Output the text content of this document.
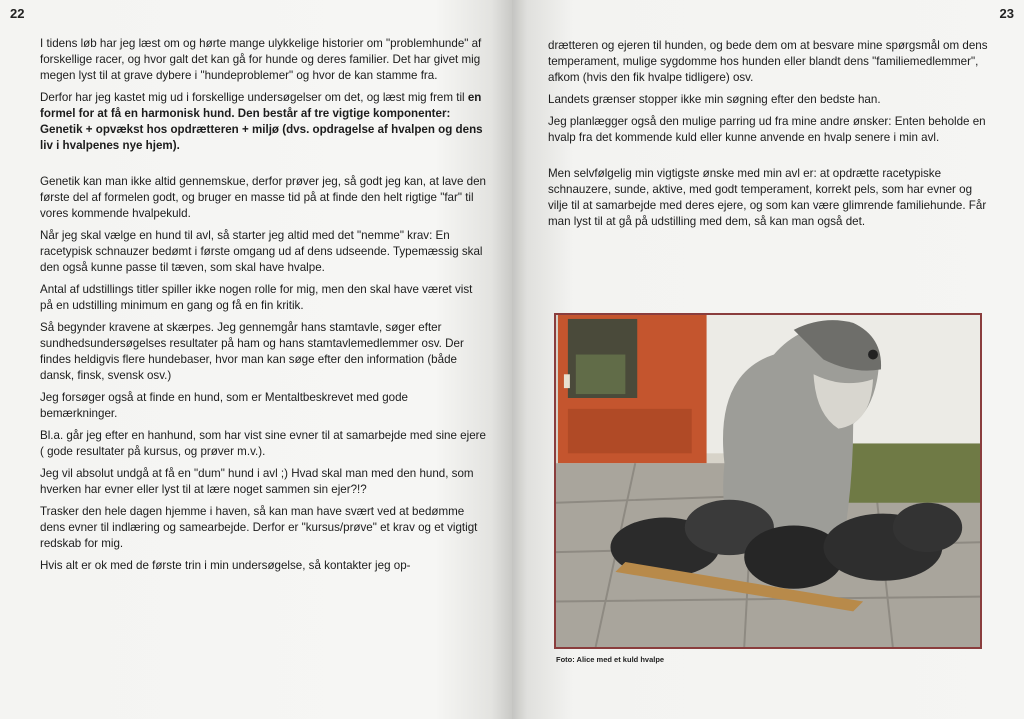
22

I tidens løb har jeg læst om og hørte mange ulykkelige historier om "problemhunde" af forskellige racer, og hvor galt det kan gå for hunde og deres familier. Det har givet mig megen lyst til at grave dybere i "hundeproblemer" og hvor de kan stamme fra.

Derfor har jeg kastet mig ud i forskellige undersøgelser om det, og læst mig frem til en formel for at få en harmonisk hund. Den består af tre vigtige komponenter: Genetik + opvækst hos opdrætteren + miljø (dvs. opdragelse af hvalpen og dens liv i hvalpenes nye hjem).

Genetik kan man ikke altid gennemskue, derfor prøver jeg, så godt jeg kan, at lave den første del af formelen godt, og bruger en masse tid på at finde den helt rigtige "far" til vores kommende hvalpekuld.

Når jeg skal vælge en hund til avl, så starter jeg altid med det "nemme" krav: En racetypisk schnauzer bedømt i første omgang ud af dens udseende. Typemæssig skal den også kunne passe til tæven, som skal have hvalpe.

Antal af udstillings titler spiller ikke nogen rolle for mig, men den skal have været vist på en udstilling minimum en gang og få en fin kritik.

Så begynder kravene at skærpes. Jeg gennemgår hans stamtavle, søger efter sundhedsundersøgelses resultater på ham og hans stamtavlemedlemmer osv. Der findes heldigvis flere hundebaser, hvor man kan søge efter den information (både dansk, finsk, svensk osv.)

Jeg forsøger også at finde en hund, som er Mentaltbeskrevet med gode bemærkninger.

Bl.a. går jeg efter en hanhund, som har vist sine evner til at samarbejde med sine ejere ( gode resultater på kursus, og prøver m.v.).

Jeg vil absolut undgå at få en "dum" hund i avl ;) Hvad skal man med den hund, som hverken har evner eller lyst til at lære noget sammen sin ejer?!?

Trasker den hele dagen hjemme i haven, så kan man have svært ved at bedømme dens evner til indlæring og samearbejde. Derfor er "kursus/prøve" et krav og et vigtigt redskab for mig.

Hvis alt er ok med de første trin i min undersøgelse, så kontakter jeg op-

23

drætteren og ejeren til hunden, og bede dem om at besvare mine spørgsmål om dens temperament, mulige sygdomme hos hunden eller blandt dens "familiemedlemmer", afkom (hvis den fik hvalpe tidligere) osv.

Landets grænser stopper ikke min søgning efter den bedste han.

Jeg planlægger også den mulige parring ud fra mine andre ønsker: Enten beholde en hvalp fra det kommende kuld eller kunne anvende en hvalp senere i min avl.

Men selvfølgelig min vigtigste ønske med min avl er: at opdrætte racetypiske schnauzere, sunde, aktive, med godt temperament, korrekt pels, som har evner og vilje til at samarbejde med deres ejere, og som kan være glimrende familiehunde. Får man lyst til at gå på udstilling med dem, så kan man også det.

Foto: Alice med et kuld hvalpe
